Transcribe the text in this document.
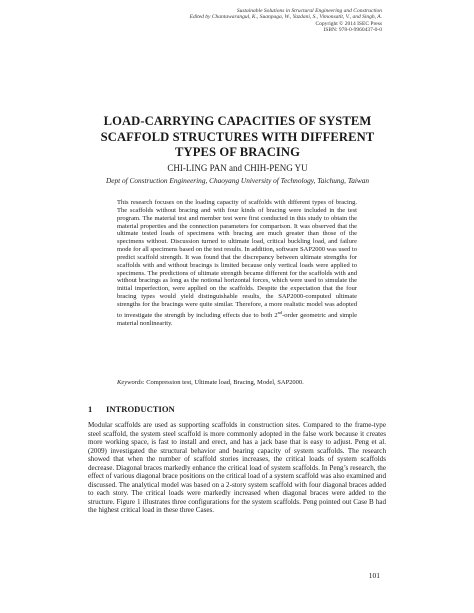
Sustainable Solutions in Structural Engineering and Construction
Edited by Chantawarangul, K., Suanpaga, W., Yazdani, S., Vimonsatit, V., and Singh, A.
Copyright © 2014 ISEC Press
ISBN: 978-0-9960437-0-0
LOAD-CARRYING CAPACITIES OF SYSTEM
SCAFFOLD STRUCTURES WITH DIFFERENT
TYPES OF BRACING
CHI-LING PAN and CHIH-PENG YU
Dept of Construction Engineering, Chaoyang University of Technology, Taichung, Taiwan

This research focuses on the loading capacity of scaffolds with different types of bracing. The scaffolds without bracing and with four kinds of bracing were included in the test program. The material test and member test were first conducted in this study to obtain the material properties and the connection parameters for comparison. It was observed that the ultimate tested loads of specimens with bracing are much greater than those of the specimens without. Discussion turned to ultimate load, critical buckling load, and failure mode for all specimens based on the test results. In addition, software SAP2000 was used to predict scaffold strength. It was found that the discrepancy between ultimate strengths for scaffolds with and without bracings is limited because only vertical loads were applied to specimens. The predictions of ultimate strength became different for the scaffolds with and without bracings as long as the notional horizontal forces, which were used to simulate the initial imperfection, were applied on the scaffolds. Despite the expectation that the four bracing types would yield distinguishable results, the SAP2000-computed ultimate strengths for the bracings were quite similar. Therefore, a more realistic model was adopted to investigate the strength by including effects due to both 2nd-order geometric and simple material nonlinearity.

Keywords: Compression test, Ultimate load, Bracing, Model, SAP2000.
1 INTRODUCTION

Modular scaffolds are used as supporting scaffolds in construction sites. Compared to the frame-type steel scaffold, the system steel scaffold is more commonly adopted in the false work because it creates more working space, is fast to install and erect, and has a jack base that is easy to adjust. Peng et al. (2009) investigated the structural behavior and bearing capacity of system scaffolds. The research showed that when the number of scaffold stories increases, the critical loads of system scaffolds decrease. Diagonal braces markedly enhance the critical load of system scaffolds. In Peng’s research, the effect of various diagonal brace positions on the critical load of a system scaffold was also examined and discussed. The analytical model was based on a 2-story system scaffold with four diagonal braces added to each story. The critical loads were markedly increased when diagonal braces were added to the structure. Figure 1 illustrates three configurations for the system scaffolds. Peng pointed out Case B had the highest critical load in these three Cases.

101
